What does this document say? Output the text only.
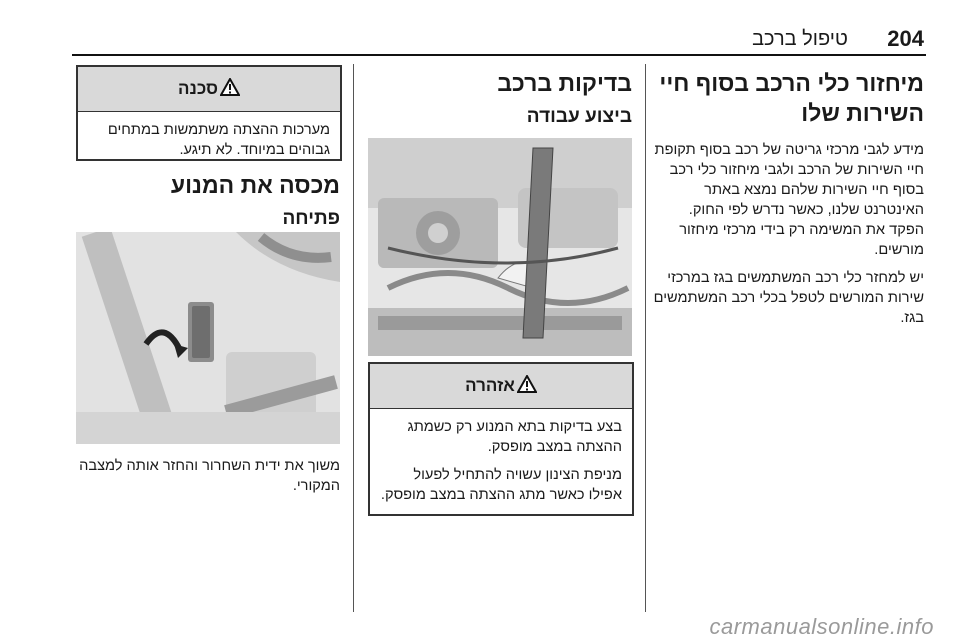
204
טיפול ברכב
מיחזור כלי הרכב בסוף חיי השירות שלו

מידע לגבי מרכזי גריטה של רכב בסוף תקופת חיי השירות של הרכב ולגבי מיחזור כלי רכב בסוף חיי השירות שלהם נמצא באתר האינטרנט שלנו, כאשר נדרש לפי החוק. הפקד את המשימה רק בידי מרכזי מיחזור מורשים.

יש למחזר כלי רכב המשתמשים בגז במרכזי שירות המורשים לטפל בכלי רכב המשתמשים בגז.

בדיקות ברכב
ביצוע עבודה
אזהרה

בצע בדיקות בתא המנוע רק כשמתג ההצתה במצב מופסק.

מניפת הצינון עשויה להתחיל לפעול אפילו כאשר מתג ההצתה במצב מופסק.

סכנה

מערכות ההצתה משתמשות במתחים גבוהים במיוחד. לא תיגע.

מכסה את המנוע
פתיחה

משוך את ידית השחרור והחזר אותה למצבה המקורי.

carmanualsonline.info
